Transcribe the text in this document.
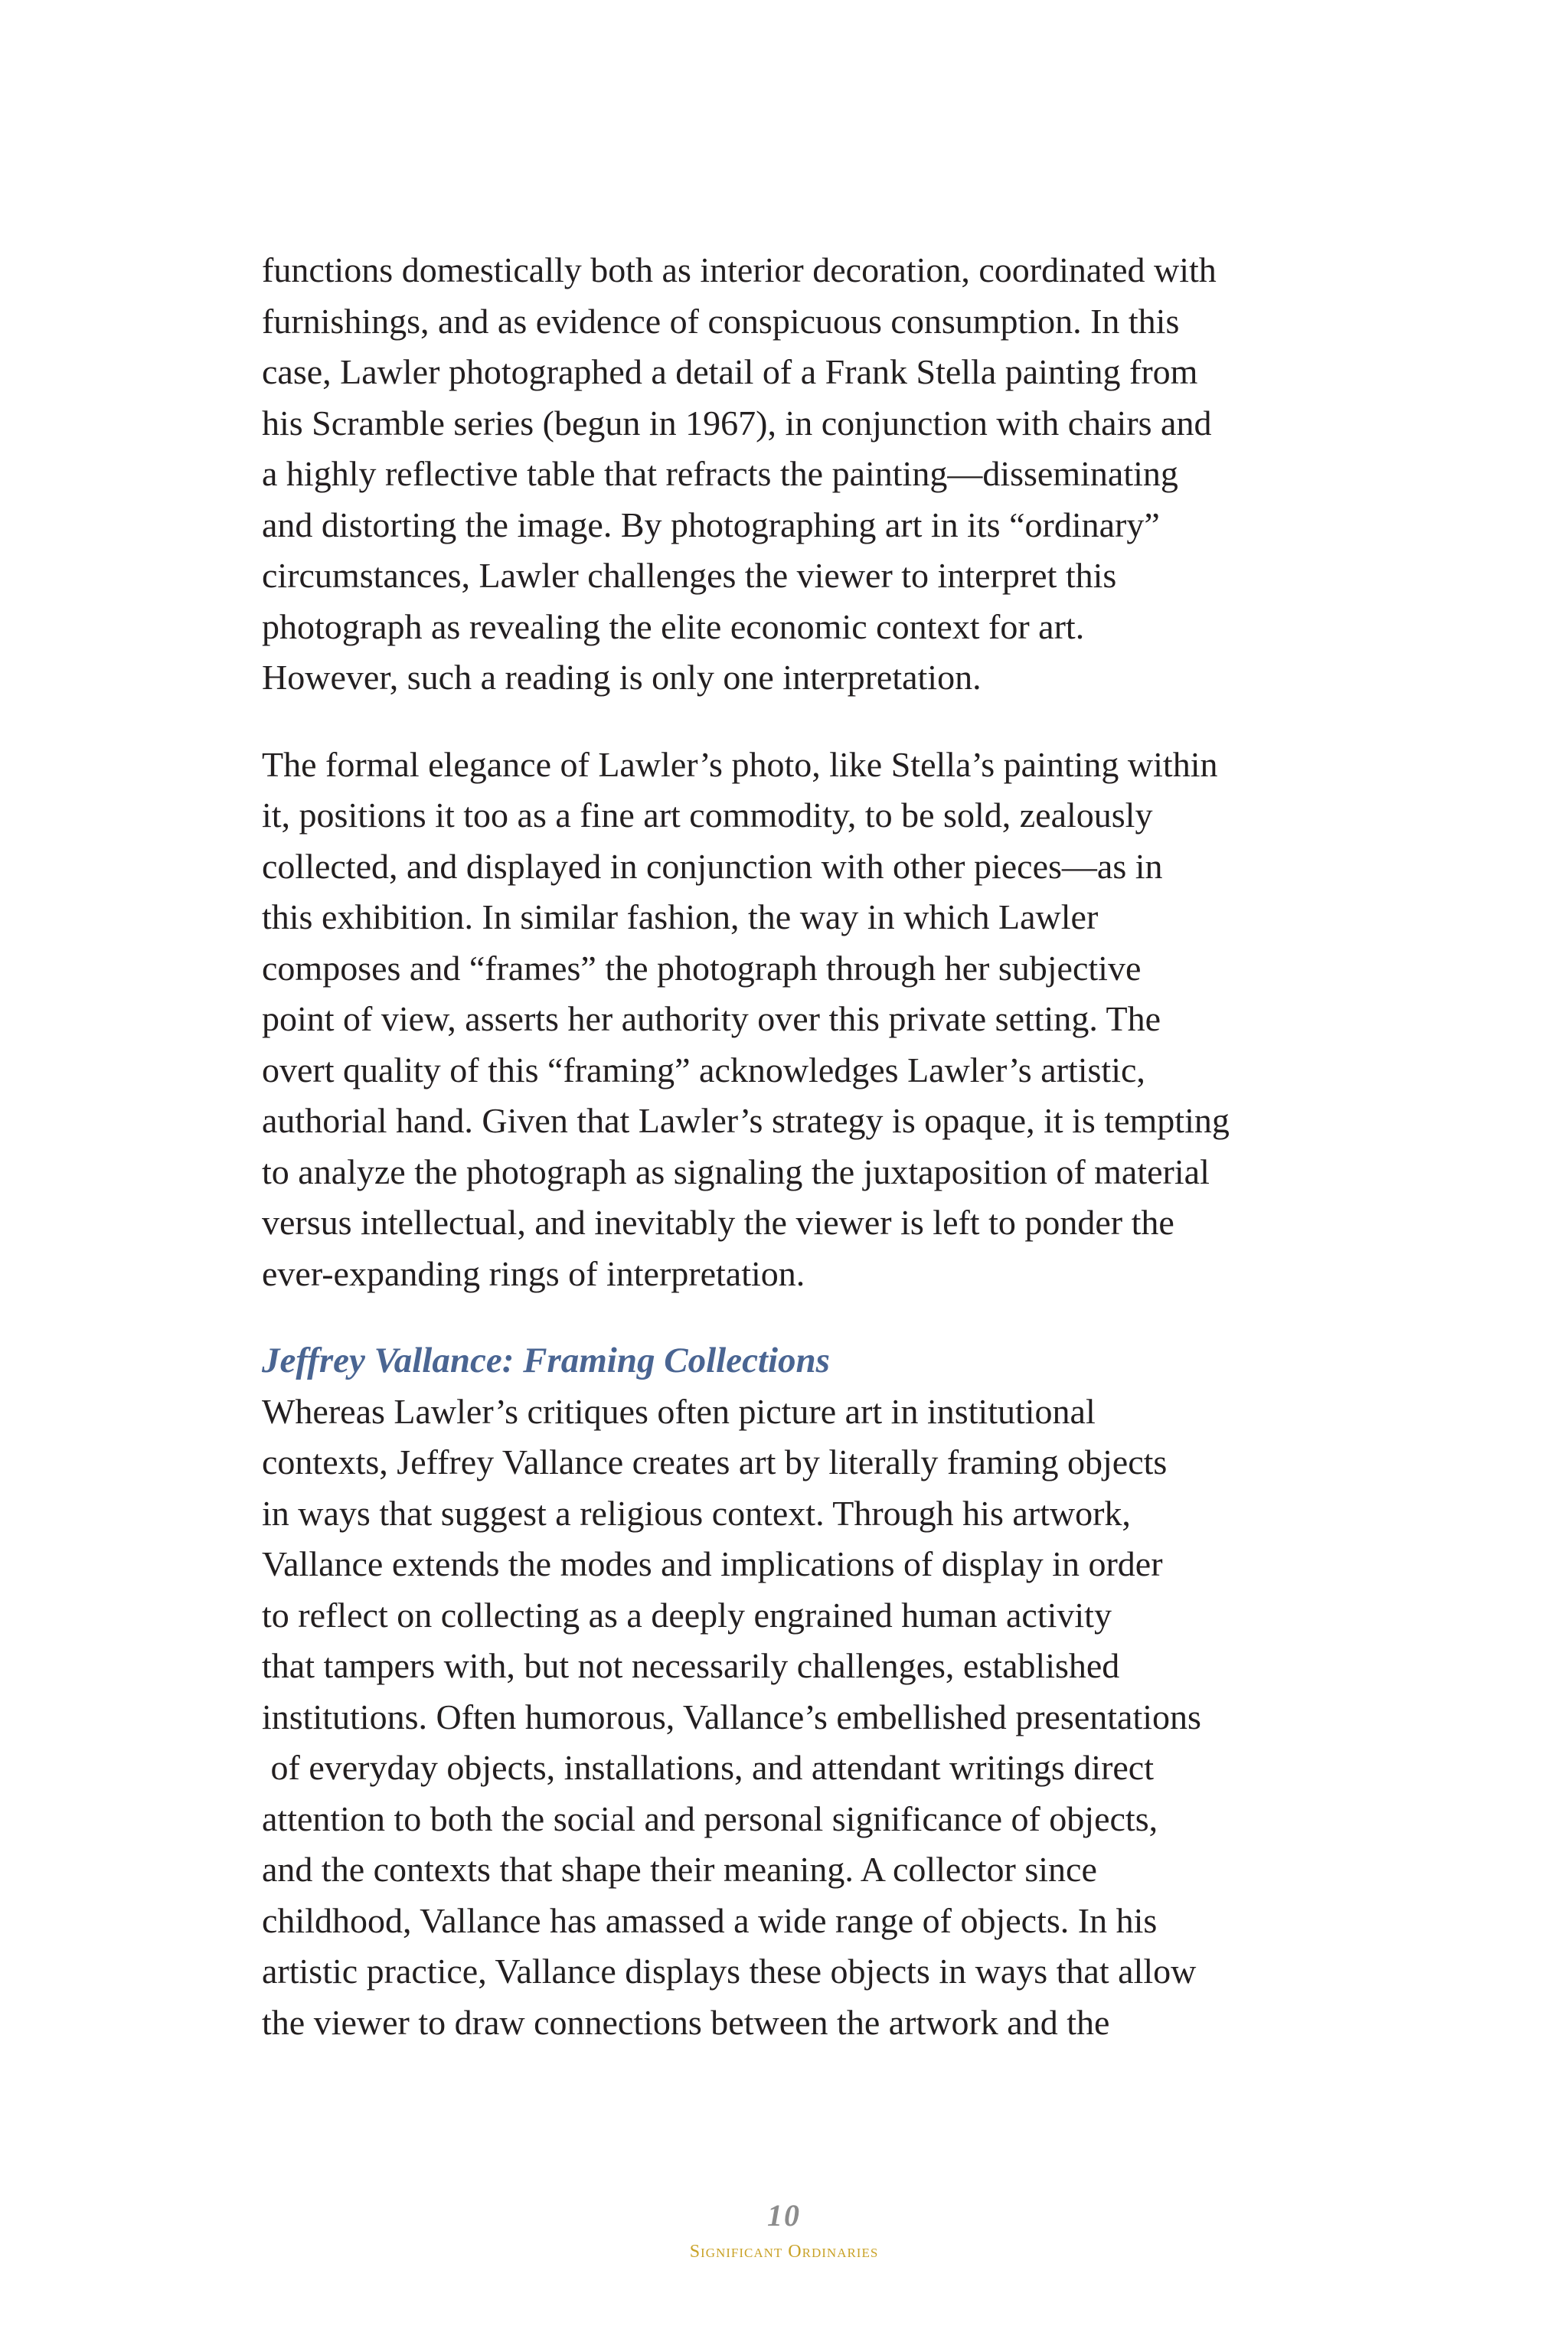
functions domestically both as interior decoration, coordinated with
furnishings, and as evidence of conspicuous consumption. In this
case, Lawler photographed a detail of a Frank Stella painting from
his Scramble series (begun in 1967), in conjunction with chairs and
a highly reflective table that refracts the painting—disseminating
and distorting the image. By photographing art in its “ordinary”
circumstances, Lawler challenges the viewer to interpret this
photograph as revealing the elite economic context for art.
However, such a reading is only one interpretation.

The formal elegance of Lawler’s photo, like Stella’s painting within
it, positions it too as a fine art commodity, to be sold, zealously
collected, and displayed in conjunction with other pieces—as in
this exhibition. In similar fashion, the way in which Lawler
composes and “frames” the photograph through her subjective
point of view, asserts her authority over this private setting. The
overt quality of this “framing” acknowledges Lawler’s artistic,
authorial hand. Given that Lawler’s strategy is opaque, it is tempting
to analyze the photograph as signaling the juxtaposition of material
versus intellectual, and inevitably the viewer is left to ponder the
ever-expanding rings of interpretation.

Jeffrey Vallance: Framing Collections

Whereas Lawler’s critiques often picture art in institutional
contexts, Jeffrey Vallance creates art by literally framing objects
in ways that suggest a religious context. Through his artwork,
Vallance extends the modes and implications of display in order
to reflect on collecting as a deeply engrained human activity
that tampers with, but not necessarily challenges, established
institutions. Often humorous, Vallance’s embellished presentations
of everyday objects, installations, and attendant writings direct
attention to both the social and personal significance of objects,
and the contexts that shape their meaning. A collector since
childhood, Vallance has amassed a wide range of objects. In his
artistic practice, Vallance displays these objects in ways that allow
the viewer to draw connections between the artwork and the

10
Significant Ordinaries
